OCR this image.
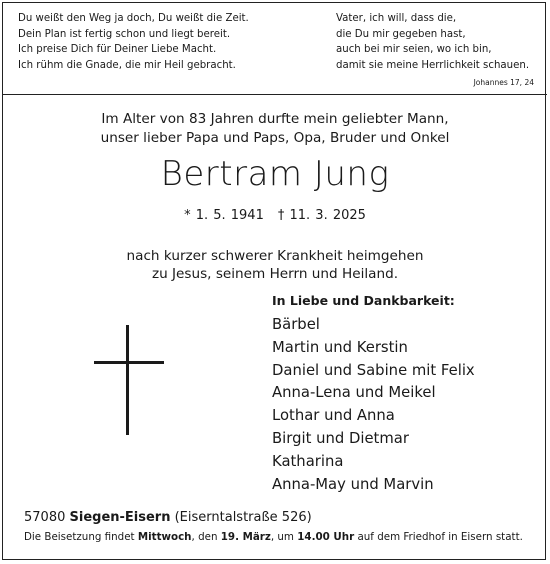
Du weißt den Weg ja doch, Du weißt die Zeit.
Dein Plan ist fertig schon und liegt bereit.
Ich preise Dich für Deiner Liebe Macht.
Ich rühm die Gnade, die mir Heil gebracht.
Vater, ich will, dass die,
die Du mir gegeben hast,
auch bei mir seien, wo ich bin,
damit sie meine Herrlichkeit schauen.
Johannes 17, 24
Im Alter von 83 Jahren durfte mein geliebter Mann,
unser lieber Papa und Paps, Opa, Bruder und Onkel
Bertram Jung
* 1. 5. 1941 † 11. 3. 2025
nach kurzer schwerer Krankheit heimgehen
zu Jesus, seinem Herrn und Heiland.
In Liebe und Dankbarkeit:
Bärbel
Martin und Kerstin
Daniel und Sabine mit Felix
Anna-Lena und Meikel
Lothar und Anna
Birgit und Dietmar
Katharina
Anna-May und Marvin
57080 Siegen-Eisern (Eiserntalstraße 526)
Die Beisetzung findet Mittwoch, den 19. März, um 14.00 Uhr auf dem Friedhof in Eisern statt.
